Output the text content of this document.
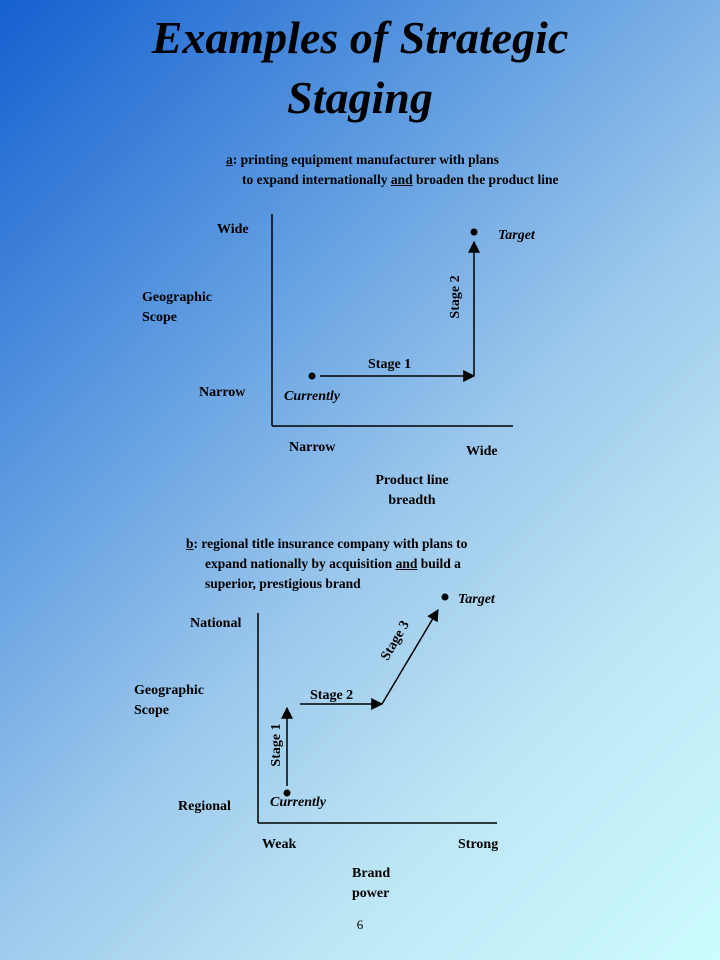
Examples of Strategic
Staging
a: printing equipment manufacturer with plans
to expand internationally and broaden the product line
b: regional title insurance company with plans to
expand nationally by acquisition and build a
superior, prestigious brand
Wide
Geographic
Scope
Narrow
Narrow	Wide
Product line
breadth
Currently
Target
Stage 1
Stage 2
National
Geographic
Scope
Regional
Weak	Strong
Brand
power
Currently
Target
Stage 1
Stage 2
Stage 3
6
